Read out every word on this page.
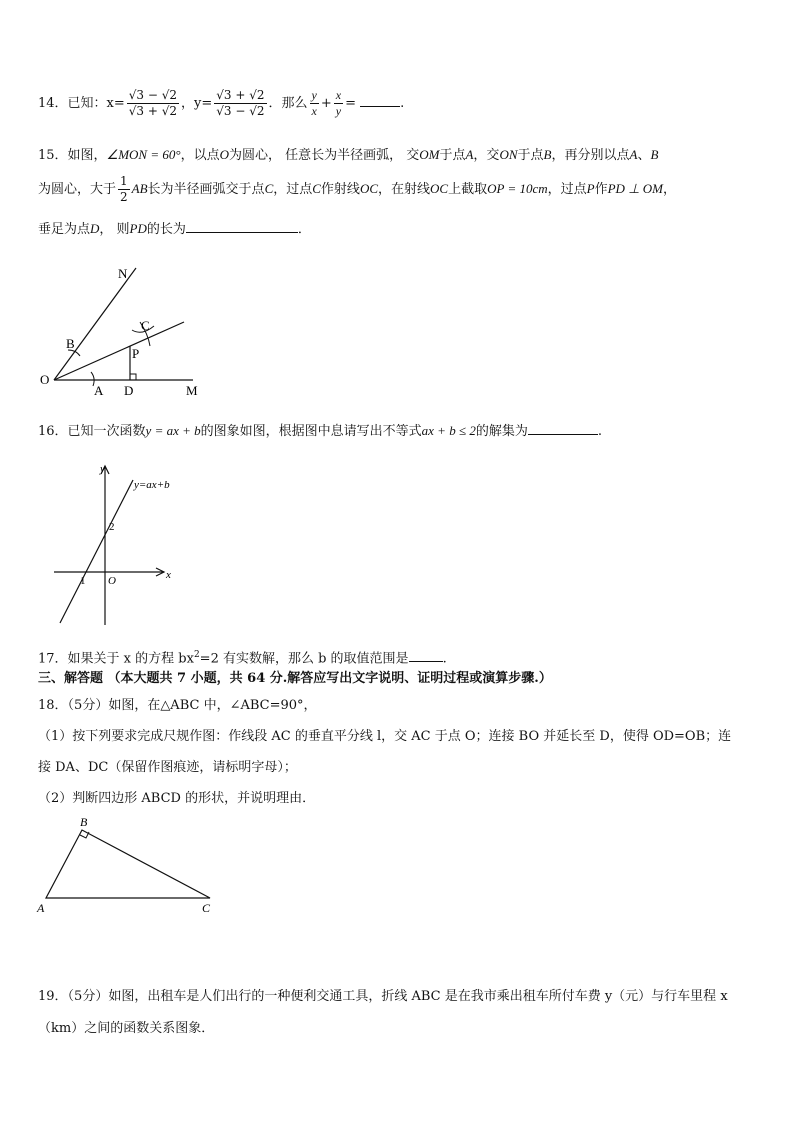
14．已知：$x= \frac{√3 - √2}{√3 + √2}$ ，$y= \frac{√3 + √2}{√3 - √2}$ ．那么 $\frac{y}{x} + \frac{x}{y}$ =	.
15．如图，∠MON = 60°，以点O为圆心， 任意长为半径画弧， 交OM于点A，交ON于点B，再分别以点A、B
为圆心，大于 $\frac{1}{2}$ AB长为半径画弧交于点C，过点C作射线OC，在射线OC上截取OP = 10cm，过点P作PD ⊥ OM，
垂足为点D， 则PD的长为	．
N
C
B
P
O
A D	M
16．已知一次函数y = ax + b的图象如图，根据图中息请写出不等式ax + b ≤ 2的解集为	.
y
x
y=ax+b
2
1 O
17．如果关于 x 的方程 $bx^2=2$ 有实数解，那么 b 的取值范围是	.
三、解答题 （本大题共 7 小题，共 64 分.解答应写出文字说明、证明过程或演算步骤.）
18．（5分）如图，在△ABC 中，∠ABC=90°，
（1）按下列要求完成尺规作图：作线段 AC 的垂直平分线 l，交 AC 于点 O；连接 BO 并延长至 D，使得 OD=OB；连
接 DA、DC（保留作图痕迹，请标明字母）；
（2）判断四边形 ABCD 的形状，并说明理由．
B
A	C
19．（5分）如图，出租车是人们出行的一种便利交通工具，折线 ABC 是在我市乘出租车所付车费 y（元）与行车里程 x
（km）之间的函数关系图象．
